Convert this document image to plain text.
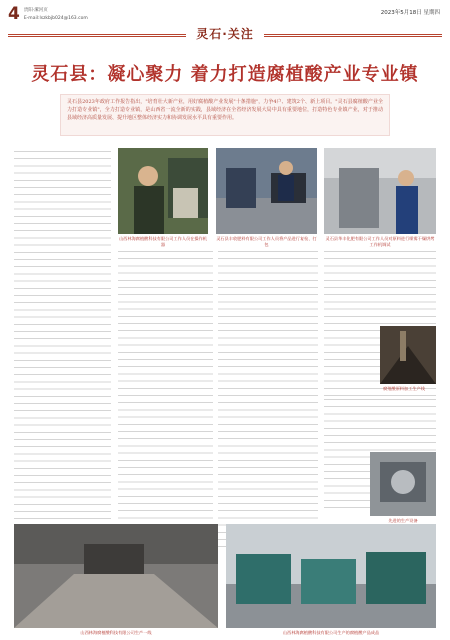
4 贵阳·漯河页
E-mail:lszkbjb024@163.com
2023年5月18日 星期四
灵石·关注
灵石县：凝心聚力 着力打造腐植酸产业专业镇
灵石县2023年政府工作报告指出，"培育壮大新产业，用好腐植酸产业发展"十条措施"，力争4户、建筑2个、新上项目。"灵石县腐植酸产业全力打造专业镇"，全力打造专业镇，是山西省一流全新的实践，县域经济在全省经济发展大局中具有重要地位，打造特色专业镇产业，对于推动县域经济高质量发展、提升地区整体经济实力和协调发展水平具有重要作用。
山西林海腐植酸科技有限公司工作人员在操作机器
灵石县丰收肥料有限公司工作人员将产品进行复检、打包
灵石县华丰化肥有限公司工作人员对原料进行喷雾干燥烘烤工作机调试
腐殖酸原料加工生产线
先进的生产设备
山西林海腐植酸科技有限公司生产一线	山西林海腐植酸科技有限公司生产的腐植酸产品成品
